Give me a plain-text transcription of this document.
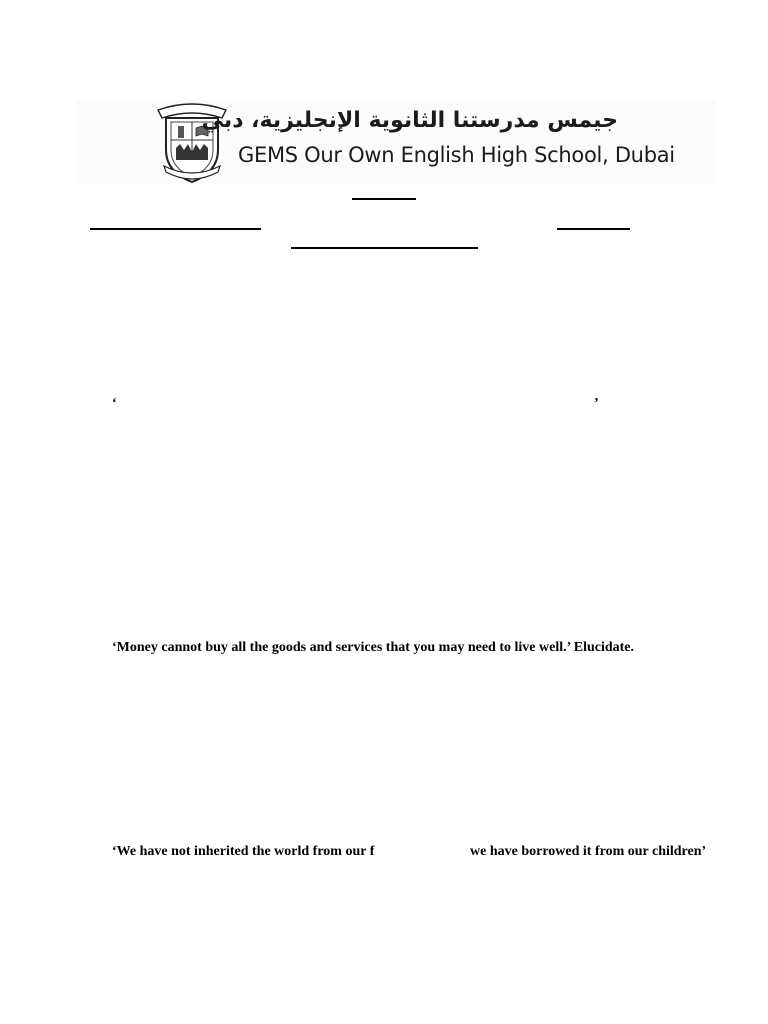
جيمس مدرستنا الثانوية الإنجليزية، دبي
GEMS Our Own English High School, Dubai
‘	’
‘Money cannot buy all the goods and services that you may need to live well.’ Elucidate.
‘We have not inherited the world from our f	we have borrowed it from our children’
